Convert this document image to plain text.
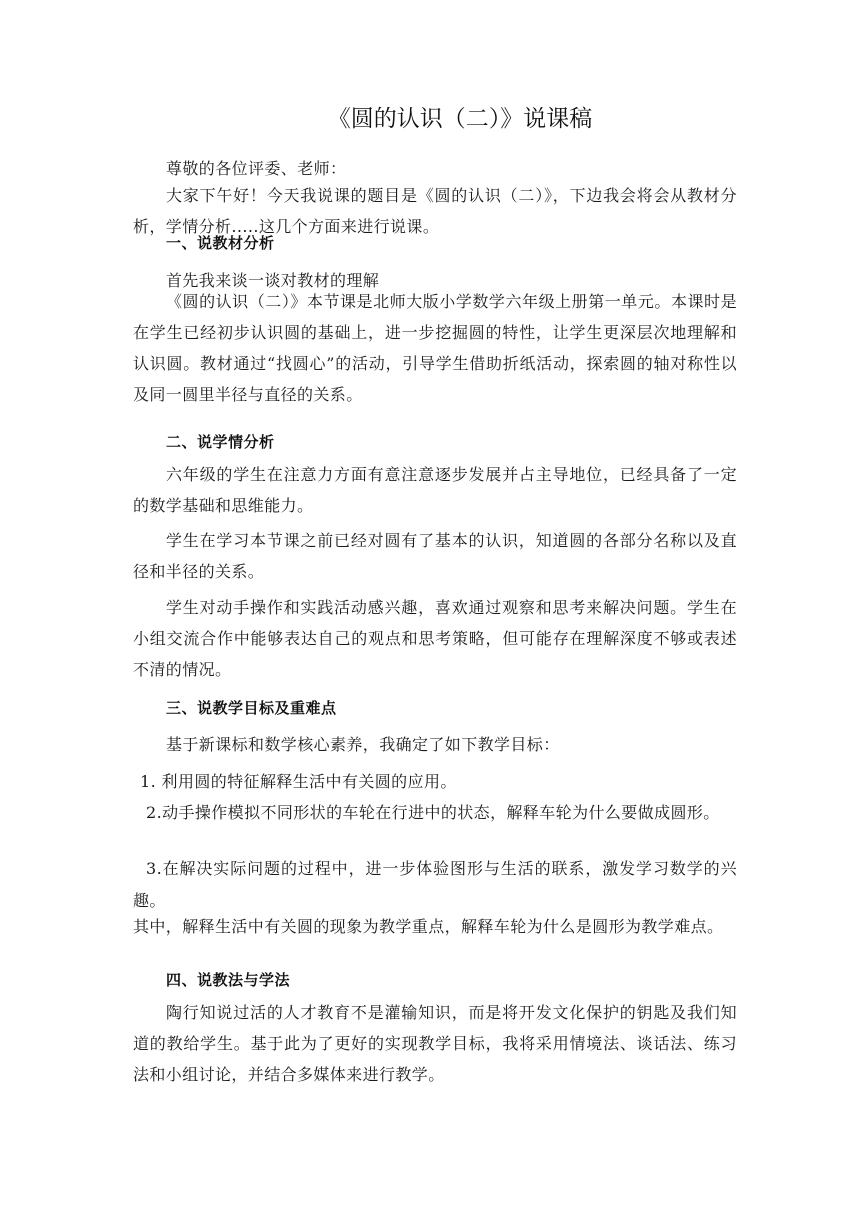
《圆的认识（二）》说课稿

尊敬的各位评委、老师：

大家下午好！今天我说课的题目是《圆的认识（二）》，下边我会将会从教材分析，学情分析.....这几个方面来进行说课。

一、说教材分析

首先我来谈一谈对教材的理解

《圆的认识（二）》本节课是北师大版小学数学六年级上册第一单元。本课时是在学生已经初步认识圆的基础上，进一步挖掘圆的特性，让学生更深层次地理解和认识圆。教材通过“找圆心”的活动，引导学生借助折纸活动，探索圆的轴对称性以及同一圆里半径与直径的关系。

二、说学情分析

六年级的学生在注意力方面有意注意逐步发展并占主导地位，已经具备了一定的数学基础和思维能力。

学生在学习本节课之前已经对圆有了基本的认识，知道圆的各部分名称以及直径和半径的关系。

学生对动手操作和实践活动感兴趣，喜欢通过观察和思考来解决问题。学生在小组交流合作中能够表达自己的观点和思考策略，但可能存在理解深度不够或表述不清的情况。

三、说教学目标及重难点

基于新课标和数学核心素养，我确定了如下教学目标：

1. 利用圆的特征解释生活中有关圆的应用。

2.动手操作模拟不同形状的车轮在行进中的状态，解释车轮为什么要做成圆形。

3.在解决实际问题的过程中，进一步体验图形与生活的联系，激发学习数学的兴趣。

其中，解释生活中有关圆的现象为教学重点，解释车轮为什么是圆形为教学难点。

四、说教法与学法

陶行知说过活的人才教育不是灌输知识，而是将开发文化保护的钥匙及我们知道的教给学生。基于此为了更好的实现教学目标，我将采用情境法、谈话法、练习法和小组讨论，并结合多媒体来进行教学。
